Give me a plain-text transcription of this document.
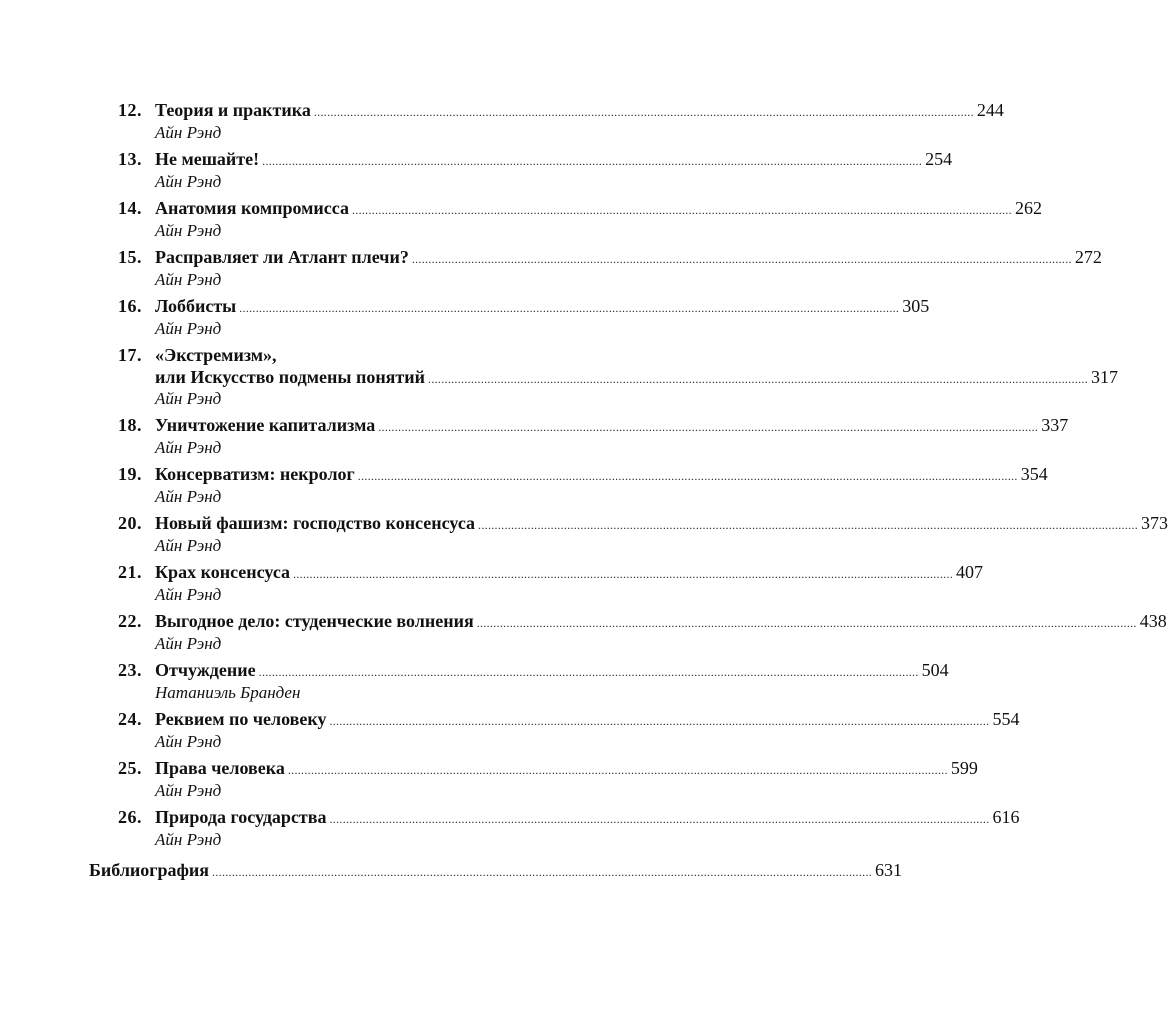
12. Теория и практика ........................................................................................................................................................................................................ 244
Айн Рэнд
13. Не мешайте! ........................................................................................................................................................................................................ 254
Айн Рэнд
14. Анатомия компромисса ........................................................................................................................................................................................................ 262
Айн Рэнд
15. Расправляет ли Атлант плечи? ........................................................................................................................................................................................................ 272
Айн Рэнд
16. Лоббисты ........................................................................................................................................................................................................ 305
Айн Рэнд
17. «Экстремизм»,
или Искусство подмены понятий ........................................................................................................................................................................................................ 317
Айн Рэнд
18. Уничтожение капитализма ........................................................................................................................................................................................................ 337
Айн Рэнд
19. Консерватизм: некролог ........................................................................................................................................................................................................ 354
Айн Рэнд
20. Новый фашизм: господство консенсуса ........................................................................................................................................................................................................ 373
Айн Рэнд
21. Крах консенсуса ........................................................................................................................................................................................................ 407
Айн Рэнд
22. Выгодное дело: студенческие волнения ........................................................................................................................................................................................................ 438
Айн Рэнд
23. Отчуждение ........................................................................................................................................................................................................ 504
Натаниэль Бранден
24. Реквием по человеку ........................................................................................................................................................................................................ 554
Айн Рэнд
25. Права человека ........................................................................................................................................................................................................ 599
Айн Рэнд
26. Природа государства ........................................................................................................................................................................................................ 616
Айн Рэнд
Библиография ........................................................................................................................................................................................................ 631
